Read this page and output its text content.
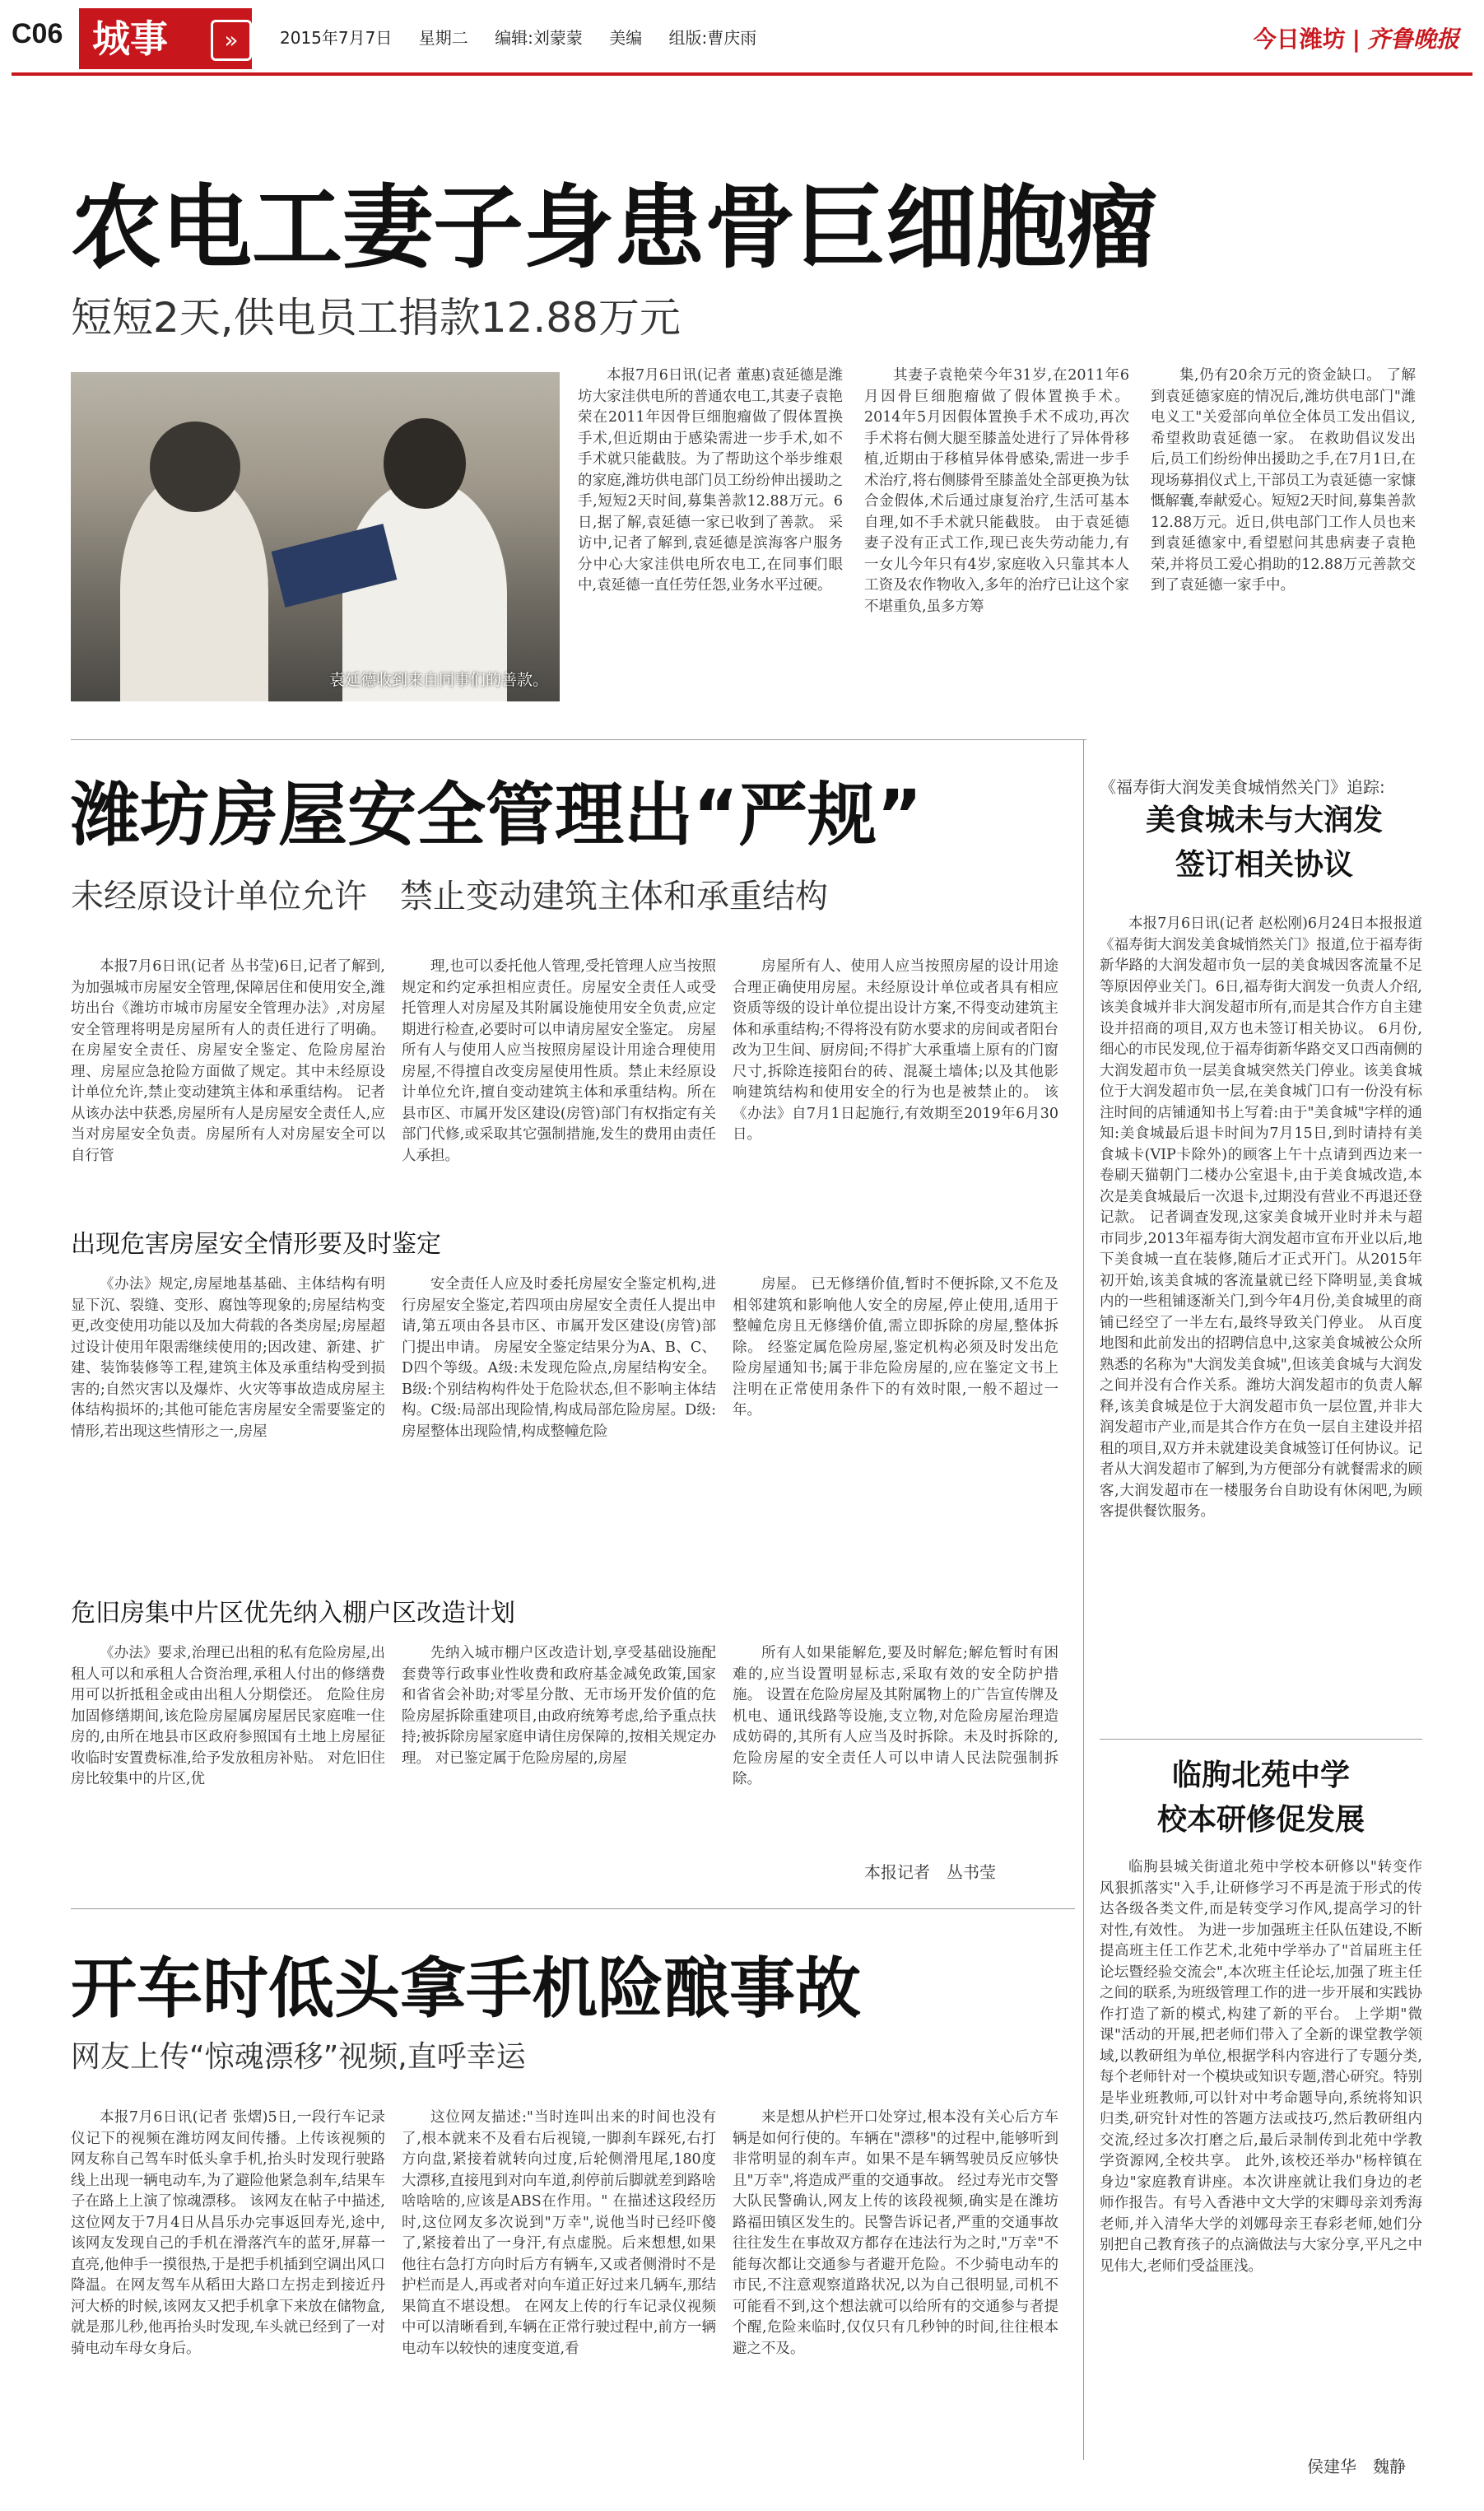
C06 城事	»	2015年7月7日 星期二 编辑:刘蒙蒙 美编 组版:曹庆雨	今日潍坊 | 齐鲁晚报
农电工妻子身患骨巨细胞瘤
短短2天,供电员工捐款12.88万元
袁延德收到来自同事们的善款。

本报7月6日讯(记者 董惠)袁延德是潍坊大家洼供电所的普通农电工,其妻子袁艳荣在2011年因骨巨细胞瘤做了假体置换手术,但近期由于感染需进一步手术,如不手术就只能截肢。为了帮助这个举步维艰的家庭,潍坊供电部门员工纷纷伸出援助之手,短短2天时间,募集善款12.88万元。6日,据了解,袁延德一家已收到了善款。 采访中,记者了解到,袁延德是滨海客户服务分中心大家洼供电所农电工,在同事们眼中,袁延德一直任劳任怨,业务水平过硬。

其妻子袁艳荣今年31岁,在2011年6月因骨巨细胞瘤做了假体置换手术。2014年5月因假体置换手术不成功,再次手术将右侧大腿至膝盖处进行了异体骨移植,近期由于移植异体骨感染,需进一步手术治疗,将右侧膝骨至膝盖处全部更换为钛合金假体,术后通过康复治疗,生活可基本自理,如不手术就只能截肢。 由于袁延德妻子没有正式工作,现已丧失劳动能力,有一女儿今年只有4岁,家庭收入只靠其本人工资及农作物收入,多年的治疗已让这个家不堪重负,虽多方筹

集,仍有20余万元的资金缺口。 了解到袁延德家庭的情况后,潍坊供电部门"潍电义工"关爱部向单位全体员工发出倡议,希望救助袁延德一家。 在救助倡议发出后,员工们纷纷伸出援助之手,在7月1日,在现场募捐仪式上,干部员工为袁延德一家慷慨解囊,奉献爱心。短短2天时间,募集善款12.88万元。近日,供电部门工作人员也来到袁延德家中,看望慰问其患病妻子袁艳荣,并将员工爱心捐助的12.88万元善款交到了袁延德一家手中。

潍坊房屋安全管理出“严规”
未经原设计单位允许　禁止变动建筑主体和承重结构

本报7月6日讯(记者 丛书莹)6日,记者了解到,为加强城市房屋安全管理,保障居住和使用安全,潍坊出台《潍坊市城市房屋安全管理办法》,对房屋安全管理将明是房屋所有人的责任进行了明确。在房屋安全责任、房屋安全鉴定、危险房屋治理、房屋应急抢险方面做了规定。其中未经原设计单位允许,禁止变动建筑主体和承重结构。 记者从该办法中获悉,房屋所有人是房屋安全责任人,应当对房屋安全负责。房屋所有人对房屋安全可以自行管

理,也可以委托他人管理,受托管理人应当按照规定和约定承担相应责任。房屋安全责任人或受托管理人对房屋及其附属设施使用安全负责,应定期进行检查,必要时可以申请房屋安全鉴定。 房屋所有人与使用人应当按照房屋设计用途合理使用房屋,不得擅自改变房屋使用性质。禁止未经原设计单位允许,擅自变动建筑主体和承重结构。所在县市区、市属开发区建设(房管)部门有权指定有关部门代修,或采取其它强制措施,发生的费用由责任人承担。

房屋所有人、使用人应当按照房屋的设计用途合理正确使用房屋。未经原设计单位或者具有相应资质等级的设计单位提出设计方案,不得变动建筑主体和承重结构;不得将没有防水要求的房间或者阳台改为卫生间、厨房间;不得扩大承重墙上原有的门窗尺寸,拆除连接阳台的砖、混凝土墙体;以及其他影响建筑结构和使用安全的行为也是被禁止的。 该《办法》自7月1日起施行,有效期至2019年6月30日。

出现危害房屋安全情形要及时鉴定

《办法》规定,房屋地基基础、主体结构有明显下沉、裂缝、变形、腐蚀等现象的;房屋结构变更,改变使用功能以及加大荷载的各类房屋;房屋超过设计使用年限需继续使用的;因改建、新建、扩建、装饰装修等工程,建筑主体及承重结构受到损害的;自然灾害以及爆炸、火灾等事故造成房屋主体结构损坏的;其他可能危害房屋安全需要鉴定的情形,若出现这些情形之一,房屋

安全责任人应及时委托房屋安全鉴定机构,进行房屋安全鉴定,若四项由房屋安全责任人提出申请,第五项由各县市区、市属开发区建设(房管)部门提出申请。 房屋安全鉴定结果分为A、B、C、D四个等级。A级:未发现危险点,房屋结构安全。B级:个别结构构件处于危险状态,但不影响主体结构。C级:局部出现险情,构成局部危险房屋。D级:房屋整体出现险情,构成整幢危险

房屋。 已无修缮价值,暂时不便拆除,又不危及相邻建筑和影响他人安全的房屋,停止使用,适用于整幢危房且无修缮价值,需立即拆除的房屋,整体拆除。 经鉴定属危险房屋,鉴定机构必须及时发出危险房屋通知书;属于非危险房屋的,应在鉴定文书上注明在正常使用条件下的有效时限,一般不超过一年。

危旧房集中片区优先纳入棚户区改造计划

《办法》要求,治理已出租的私有危险房屋,出租人可以和承租人合资治理,承租人付出的修缮费用可以折抵租金或由出租人分期偿还。 危险住房加固修缮期间,该危险房屋属房屋居民家庭唯一住房的,由所在地县市区政府参照国有土地上房屋征收临时安置费标准,给予发放租房补贴。 对危旧住房比较集中的片区,优

先纳入城市棚户区改造计划,享受基础设施配套费等行政事业性收费和政府基金减免政策,国家和省省会补助;对零星分散、无市场开发价值的危险房屋拆除重建项目,由政府统筹考虑,给予重点扶持;被拆除房屋家庭申请住房保障的,按相关规定办理。 对已鉴定属于危险房屋的,房屋

所有人如果能解危,要及时解危;解危暂时有困难的,应当设置明显标志,采取有效的安全防护措施。 设置在危险房屋及其附属物上的广告宣传牌及机电、通讯线路等设施,支立物,对危险房屋治理造成妨碍的,其所有人应当及时拆除。未及时拆除的,危险房屋的安全责任人可以申请人民法院强制拆除。

本报记者　丛书莹
开车时低头拿手机险酿事故
网友上传“惊魂漂移”视频,直呼幸运

本报7月6日讯(记者 张熠)5日,一段行车记录仪记下的视频在潍坊网友间传播。上传该视频的网友称自己驾车时低头拿手机,抬头时发现行驶路线上出现一辆电动车,为了避险他紧急刹车,结果车子在路上上演了惊魂漂移。 该网友在帖子中描述,这位网友于7月4日从昌乐办完事返回寿光,途中,该网友发现自己的手机在滑落汽车的蓝牙,屏幕一直亮,他伸手一摸很热,于是把手机插到空调出风口降温。在网友驾车从稻田大路口左拐走到接近丹河大桥的时候,该网友又把手机拿下来放在储物盒,就是那儿秒,他再抬头时发现,车头就已经到了一对骑电动车母女身后。

这位网友描述:"当时连叫出来的时间也没有了,根本就来不及看右后视镜,一脚刹车踩死,右打方向盘,紧接着就转向过度,后轮侧滑甩尾,180度大漂移,直接甩到对向车道,刹停前后脚就差到路啥啥啥啥的,应该是ABS在作用。" 在描述这段经历时,这位网友多次说到"万幸",说他当时已经吓傻了,紧接着出了一身汗,有点虚脱。后来想想,如果他往右急打方向时后方有辆车,又或者侧滑时不是护栏而是人,再或者对向车道正好过来几辆车,那结果简直不堪设想。 在网友上传的行车记录仪视频中可以清晰看到,车辆在正常行驶过程中,前方一辆电动车以较快的速度变道,看

来是想从护栏开口处穿过,根本没有关心后方车辆是如何行使的。车辆在"漂移"的过程中,能够听到非常明显的刹车声。如果不是车辆驾驶员反应够快且"万幸",将造成严重的交通事故。 经过寿光市交警大队民警确认,网友上传的该段视频,确实是在潍坊路福田镇区发生的。民警告诉记者,严重的交通事故往往发生在事故双方都存在违法行为之时,"万幸"不能每次都让交通参与者避开危险。不少骑电动车的市民,不注意观察道路状况,以为自己很明显,司机不可能看不到,这个想法就可以给所有的交通参与者提个醒,危险来临时,仅仅只有几秒钟的时间,往往根本避之不及。

《福寿街大润发美食城悄然关门》追踪:
美食城未与大润发
签订相关协议

本报7月6日讯(记者 赵松刚)6月24日本报报道《福寿街大润发美食城悄然关门》报道,位于福寿街新华路的大润发超市负一层的美食城因客流量不足等原因停业关门。6日,福寿街大润发一负责人介绍,该美食城并非大润发超市所有,而是其合作方自主建设并招商的项目,双方也未签订相关协议。 6月份,细心的市民发现,位于福寿街新华路交叉口西南侧的大润发超市负一层美食城突然关门停业。该美食城位于大润发超市负一层,在美食城门口有一份没有标注时间的店铺通知书上写着:由于"美食城"字样的通知:美食城最后退卡时间为7月15日,到时请持有美食城卡(VIP卡除外)的顾客上午十点请到西边来一卷刷天猫朝门二楼办公室退卡,由于美食城改造,本次是美食城最后一次退卡,过期没有营业不再退还登记款。 记者调查发现,这家美食城开业时并未与超市同步,2013年福寿街大润发超市宣布开业以后,地下美食城一直在装修,随后才正式开门。从2015年初开始,该美食城的客流量就已经下降明显,美食城内的一些租铺逐渐关门,到今年4月份,美食城里的商铺已经空了一半左右,最终导致关门停业。 从百度地图和此前发出的招聘信息中,这家美食城被公众所熟悉的名称为"大润发美食城",但该美食城与大润发之间并没有合作关系。潍坊大润发超市的负责人解释,该美食城是位于大润发超市负一层位置,并非大润发超市产业,而是其合作方在负一层自主建设并招租的项目,双方并未就建设美食城签订任何协议。记者从大润发超市了解到,为方便部分有就餐需求的顾客,大润发超市在一楼服务台自助设有休闲吧,为顾客提供餐饮服务。

临朐北苑中学
校本研修促发展

临朐县城关街道北苑中学校本研修以"转变作风狠抓落实"入手,让研修学习不再是流于形式的传达各级各类文件,而是转变学习作风,提高学习的针对性,有效性。 为进一步加强班主任队伍建设,不断提高班主任工作艺术,北苑中学举办了"首届班主任论坛暨经验交流会",本次班主任论坛,加强了班主任之间的联系,为班级管理工作的进一步开展和实践协作打造了新的模式,构建了新的平台。 上学期"微课"活动的开展,把老师们带入了全新的课堂教学领域,以教研组为单位,根据学科内容进行了专题分类,每个老师针对一个模块或知识专题,潜心研究。特别是毕业班教师,可以针对中考命题导向,系统将知识归类,研究针对性的答题方法或技巧,然后教研组内交流,经过多次打磨之后,最后录制传到北苑中学教学资源网,全校共享。 此外,该校还举办"杨梓镇在身边"家庭教育讲座。本次讲座就让我们身边的老师作报告。有号入香港中文大学的宋卿母亲刘秀海老师,并入清华大学的刘娜母亲王春彩老师,她们分别把自己教育孩子的点滴做法与大家分享,平凡之中见伟大,老师们受益匪浅。

侯建华　魏静
